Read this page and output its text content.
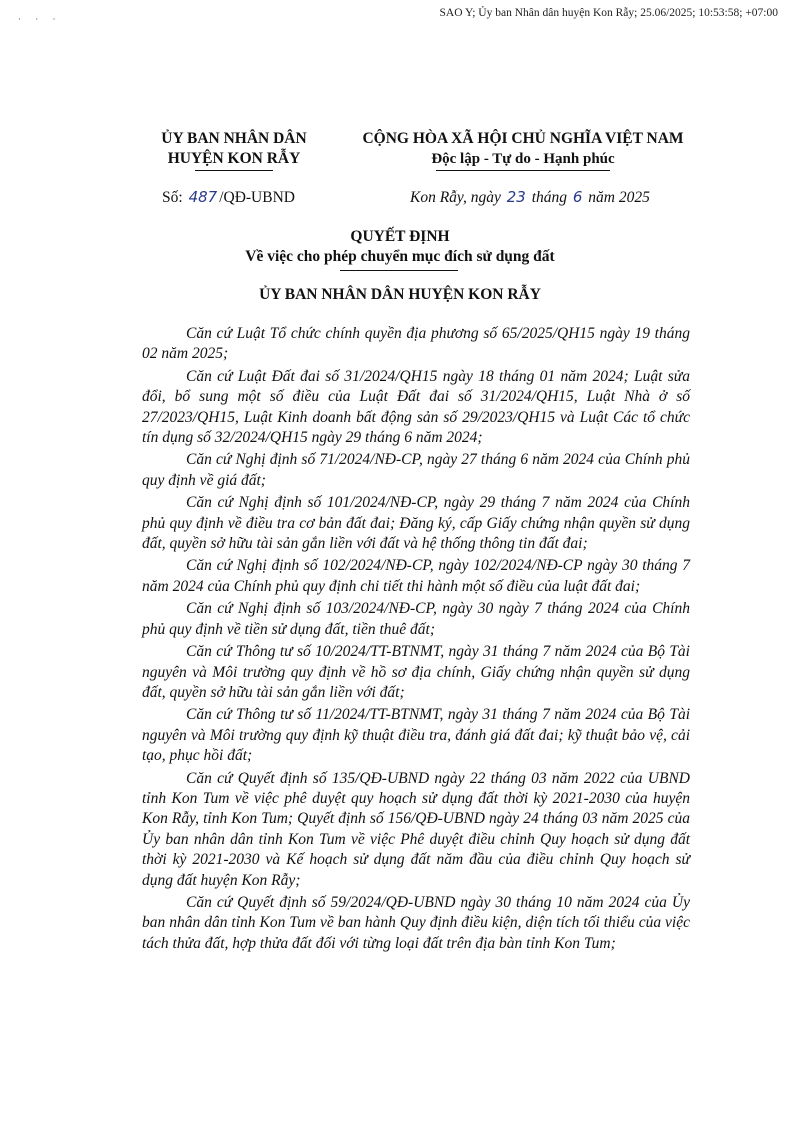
SAO Y; Ủy ban Nhân dân huyện Kon Rẫy; 25.06/2025; 10:53:58; +07:00
· · ·
ỦY BAN NHÂN DÂN
HUYỆN KON RẪY
CỘNG HÒA XÃ HỘI CHỦ NGHĨA VIỆT NAM
Độc lập - Tự do - Hạnh phúc
Số: 487 /QĐ-UBND	Kon Rẫy, ngày 23 tháng 6 năm 2025
QUYẾT ĐỊNH
Về việc cho phép chuyển mục đích sử dụng đất
ỦY BAN NHÂN DÂN HUYỆN KON RẪY

Căn cứ Luật Tổ chức chính quyền địa phương số 65/2025/QH15 ngày 19 tháng 02 năm 2025;

Căn cứ Luật Đất đai số 31/2024/QH15 ngày 18 tháng 01 năm 2024; Luật sửa đổi, bổ sung một số điều của Luật Đất đai số 31/2024/QH15, Luật Nhà ở số 27/2023/QH15, Luật Kinh doanh bất động sản số 29/2023/QH15 và Luật Các tổ chức tín dụng số 32/2024/QH15 ngày 29 tháng 6 năm 2024;

Căn cứ Nghị định số 71/2024/NĐ-CP, ngày 27 tháng 6 năm 2024 của Chính phủ quy định về giá đất;

Căn cứ Nghị định số 101/2024/NĐ-CP, ngày 29 tháng 7 năm 2024 của Chính phủ quy định về điều tra cơ bản đất đai; Đăng ký, cấp Giấy chứng nhận quyền sử dụng đất, quyền sở hữu tài sản gắn liền với đất và hệ thống thông tin đất đai;

Căn cứ Nghị định số 102/2024/NĐ-CP, ngày 102/2024/NĐ-CP ngày 30 tháng 7 năm 2024 của Chính phủ quy định chi tiết thi hành một số điều của luật đất đai;

Căn cứ Nghị định số 103/2024/NĐ-CP, ngày 30 ngày 7 tháng 2024 của Chính phủ quy định về tiền sử dụng đất, tiền thuê đất;

Căn cứ Thông tư số 10/2024/TT-BTNMT, ngày 31 tháng 7 năm 2024 của Bộ Tài nguyên và Môi trường quy định về hồ sơ địa chính, Giấy chứng nhận quyền sử dụng đất, quyền sở hữu tài sản gắn liền với đất;

Căn cứ Thông tư số 11/2024/TT-BTNMT, ngày 31 tháng 7 năm 2024 của Bộ Tài nguyên và Môi trường quy định kỹ thuật điều tra, đánh giá đất đai; kỹ thuật bảo vệ, cải tạo, phục hồi đất;

Căn cứ Quyết định số 135/QĐ-UBND ngày 22 tháng 03 năm 2022 của UBND tỉnh Kon Tum về việc phê duyệt quy hoạch sử dụng đất thời kỳ 2021-2030 của huyện Kon Rẫy, tỉnh Kon Tum; Quyết định số 156/QĐ-UBND ngày 24 tháng 03 năm 2025 của Ủy ban nhân dân tỉnh Kon Tum về việc Phê duyệt điều chỉnh Quy hoạch sử dụng đất thời kỳ 2021-2030 và Kế hoạch sử dụng đất năm đầu của điều chỉnh Quy hoạch sử dụng đất huyện Kon Rẫy;

Căn cứ Quyết định số 59/2024/QĐ-UBND ngày 30 tháng 10 năm 2024 của Ủy ban nhân dân tỉnh Kon Tum về ban hành Quy định điều kiện, diện tích tối thiểu của việc tách thửa đất, hợp thửa đất đối với từng loại đất trên địa bàn tỉnh Kon Tum;
